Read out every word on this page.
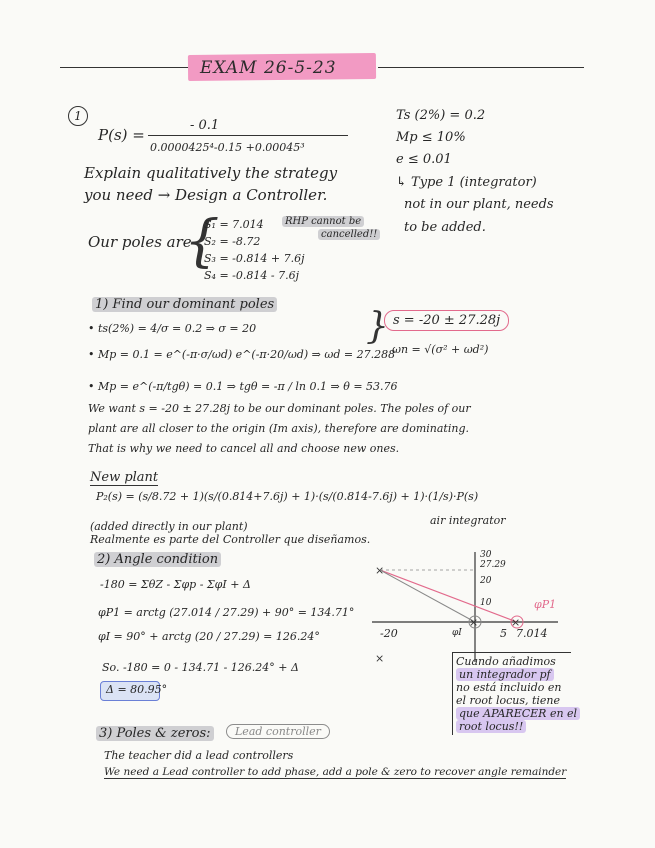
EXAM 26-5-23
1
P(s) =
- 0.1
0.0000425⁴-0.15 +0.00045³
Ts (2%) = 0.2
Mp ≤ 10%
e ≤ 0.01
↳ Type 1 (integrator)
not in our plant, needs
to be added.
Explain qualitatively the strategy
you need → Design a Controller.
Our poles are
{
S₁ = 7.014
S₂ = -8.72
S₃ = -0.814 + 7.6j
S₄ = -0.814 - 7.6j
RHP cannot be
cancelled!!
1) Find our dominant poles
• ts(2%) = 4/σ = 0.2 ⇒ σ = 20
• Mp = 0.1 = e^(-π·σ/ωd) e^(-π·20/ωd) ⇒ ωd = 27.288
• Mp = e^(-π/tgθ) = 0.1 ⇒ tgθ = -π / ln 0.1 ⇒ θ = 53.76
} s = -20 ± 27.28j
ωn = √(σ² + ωd²)
We want s = -20 ± 27.28j to be our dominant poles. The poles of our
plant are all closer to the origin (Im axis), therefore are dominating.
That is why we need to cancel all and choose new ones.
New plant
P₂(s) = (s/8.72 + 1)(s/(0.814+7.6j) + 1)·(s/(0.814-7.6j) + 1)·(1/s)·P(s)
(added directly in our plant)
Realmente es parte del Controller que diseñamos.
air integrator
2) Angle condition
-180 = ΣθZ - Σφp - ΣφI + Δ
φP1 = arctg (27.014 / 27.29) + 90° = 134.71°
φI = 90° + arctg (20 / 27.29) = 126.24°
So. -180 = 0 - 134.71 - 126.24° + Δ
Δ = 80.95°
×
×
×	×
30
27.29
20
10
-20	φI	5 7.014
φP1
Cuando añadimos
un integrador pf
no está incluido en
el root locus, tiene
que APARECER en el
root locus!!
3) Poles & zeros:	Lead controller
The teacher did a lead controllers
We need a Lead controller to add phase, add a pole & zero to recover angle remainder
